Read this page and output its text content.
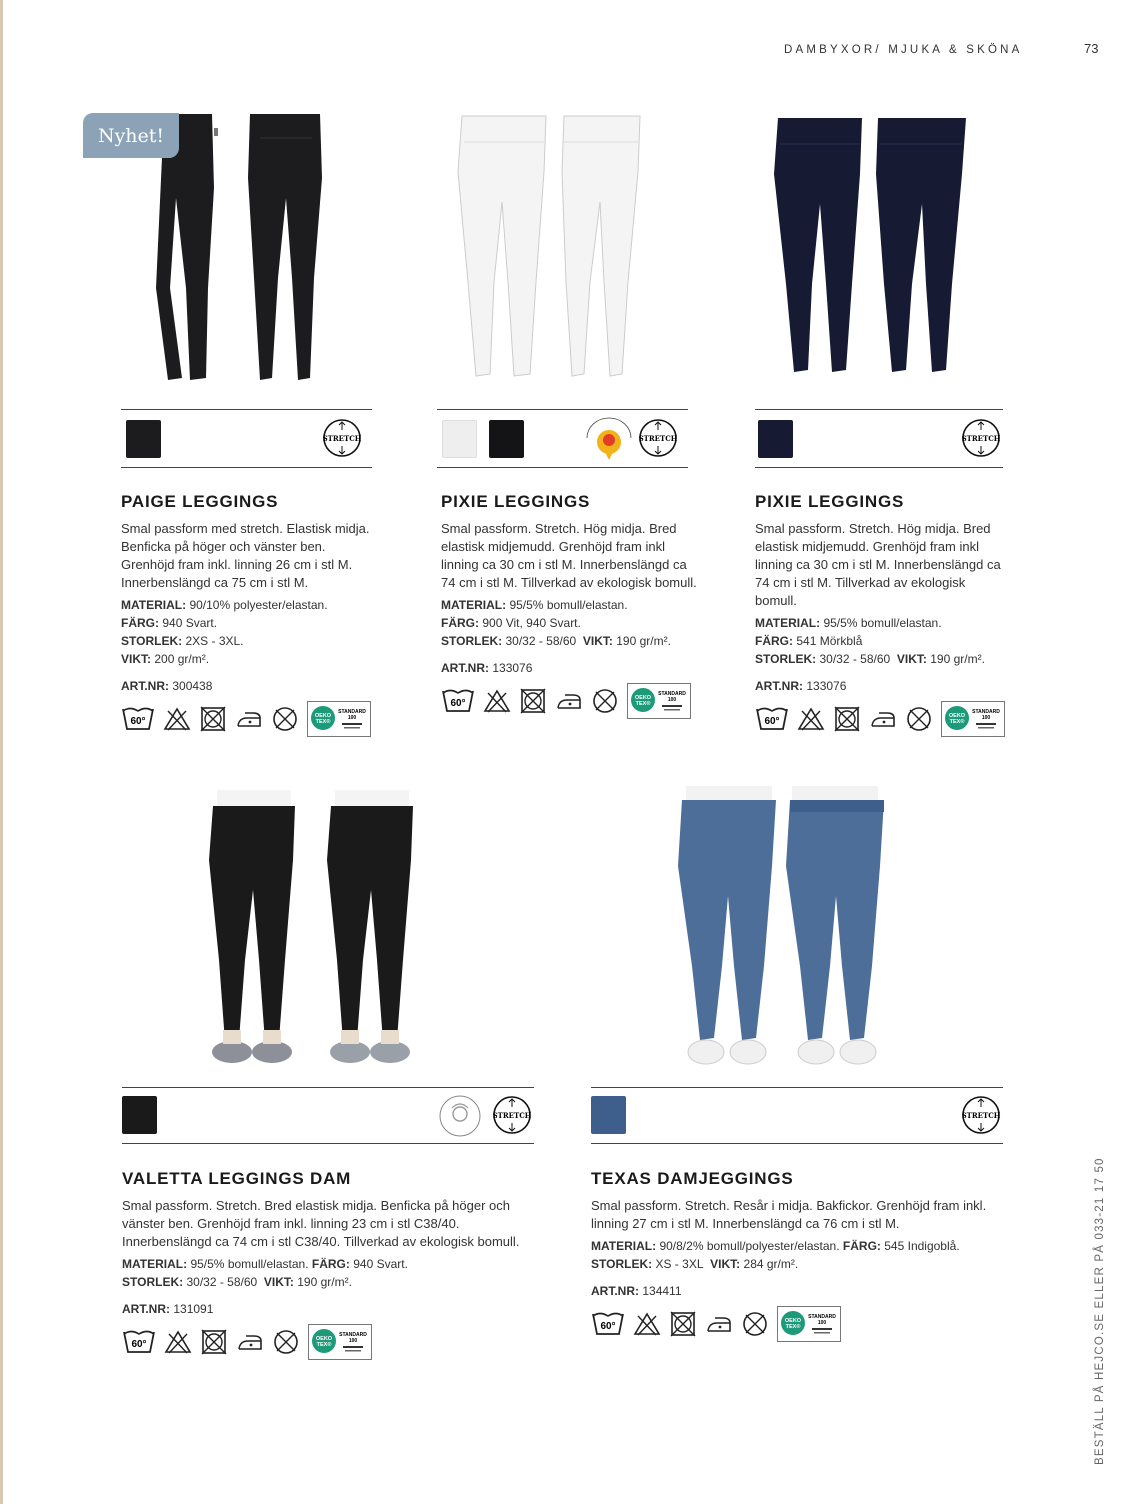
DAMBYXOR/ MJUKA & SKÖNA	73
BESTÄLL PÅ HEJCO.SE ELLER PÅ 033-21 17 50
Nyhet!
STRETCH	STRETCH	STRETCH
STRETCH	STRETCH
PAIGE LEGGINGS

Smal passform med stretch. Elastisk midja. Benficka på höger och vänster ben. Grenhöjd fram inkl. linning 26 cm i stl M. Innerbenslängd ca 75 cm i stl M.

MATERIAL: 90/10% polyester/elastan.

FÄRG: 940 Svart.

STORLEK: 2XS - 3XL.

VIKT: 200 gr/m².

ART.NR: 300438
60°	OEKO
TEX®
STANDARD
100
PIXIE LEGGINGS

Smal passform. Stretch. Hög midja. Bred elastisk midjemudd. Grenhöjd fram inkl linning ca 30 cm i stl M. Innerbenslängd ca 74 cm i stl M. Tillverkad av ekologisk bomull.

MATERIAL: 95/5% bomull/elastan.

FÄRG: 900 Vit, 940 Svart.

STORLEK: 30/32 - 58/60 VIKT: 190 gr/m².

ART.NR: 133076
60°	OEKO
TEX®
STANDARD
100
PIXIE LEGGINGS

Smal passform. Stretch. Hög midja. Bred elastisk midjemudd. Grenhöjd fram inkl linning ca 30 cm i stl M. Innerbenslängd ca 74 cm i stl M. Tillverkad av ekologisk bomull.

MATERIAL: 95/5% bomull/elastan.

FÄRG: 541 Mörkblå

STORLEK: 30/32 - 58/60 VIKT: 190 gr/m².

ART.NR: 133076
60°	OEKO
TEX®
STANDARD
100
VALETTA LEGGINGS DAM

Smal passform. Stretch. Bred elastisk midja. Benficka på höger och vänster ben. Grenhöjd fram inkl. linning 23 cm i stl C38/40. Innerbenslängd ca 74 cm i stl C38/40. Tillverkad av ekologisk bomull.

MATERIAL: 95/5% bomull/elastan. FÄRG: 940 Svart.

STORLEK: 30/32 - 58/60 VIKT: 190 gr/m².

ART.NR: 131091
60°	OEKO
TEX®
STANDARD
100
TEXAS DAMJEGGINGS

Smal passform. Stretch. Resår i midja. Bakfickor. Grenhöjd fram inkl. linning 27 cm i stl M. Innerbenslängd ca 76 cm i stl M.

MATERIAL: 90/8/2% bomull/polyester/elastan. FÄRG: 545 Indigoblå.

STORLEK: XS - 3XL VIKT: 284 gr/m².

ART.NR: 134411
60°	OEKO
TEX®
STANDARD
100
